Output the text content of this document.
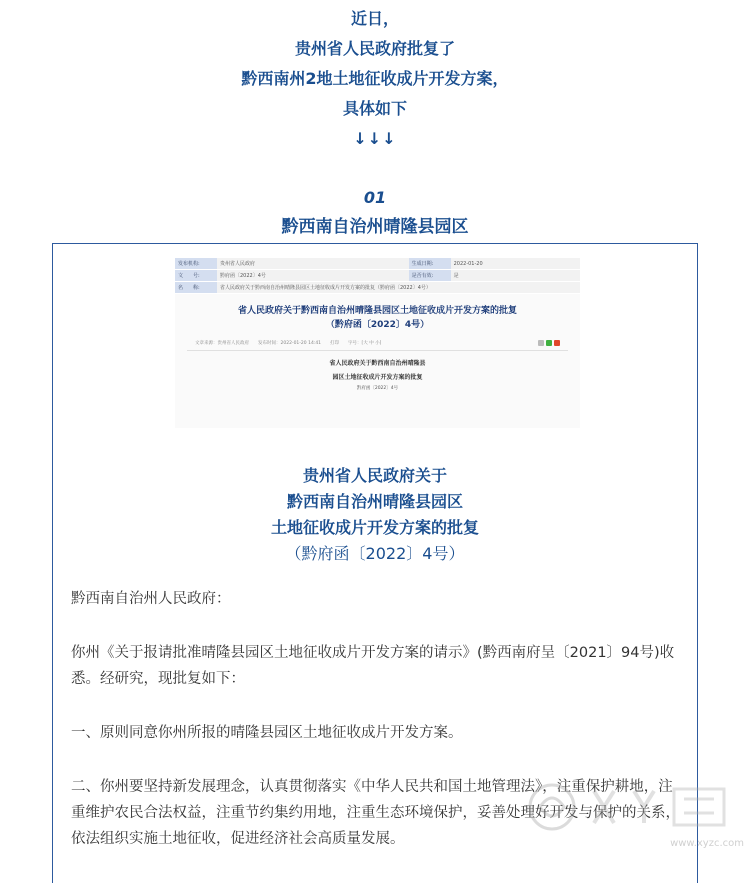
近日，
贵州省人民政府批复了
黔西南州2地土地征收成片开发方案，
具体如下
↓↓↓
01
黔西南自治州晴隆县园区
发布机构:	贵州省人民政府	生成日期:	2022-01-20
文　　号:	黔府函〔2022〕4号	是否有效:	是
名　　称:	省人民政府关于黔西南自治州晴隆县园区土地征收成片开发方案的批复（黔府函〔2022〕4号）		
省人民政府关于黔西南自治州晴隆县园区土地征收成片开发方案的批复
（黔府函〔2022〕4号）
文章来源：贵州省人民政府　　发布时间：2022-01-20 14:41　　打印　　字号：[大 中 小]
省人民政府关于黔西南自治州晴隆县
园区土地征收成片开发方案的批复
黔府函〔2022〕4号
贵州省人民政府关于
黔西南自治州晴隆县园区
土地征收成片开发方案的批复
（黔府函〔2022〕4号）
黔西南自治州人民政府：
你州《关于报请批准晴隆县园区土地征收成片开发方案的请示》(黔西南府呈〔2021〕94号)收悉。经研究，现批复如下：
一、原则同意你州所报的晴隆县园区土地征收成片开发方案。
二、你州要坚持新发展理念，认真贯彻落实《中华人民共和国土地管理法》，注重保护耕地，注重维护农民合法权益，注重节约集约用地，注重生态环境保护，妥善处理好开发与保护的关系，依法组织实施土地征收，促进经济社会高质量发展。	www.xyzc.com
